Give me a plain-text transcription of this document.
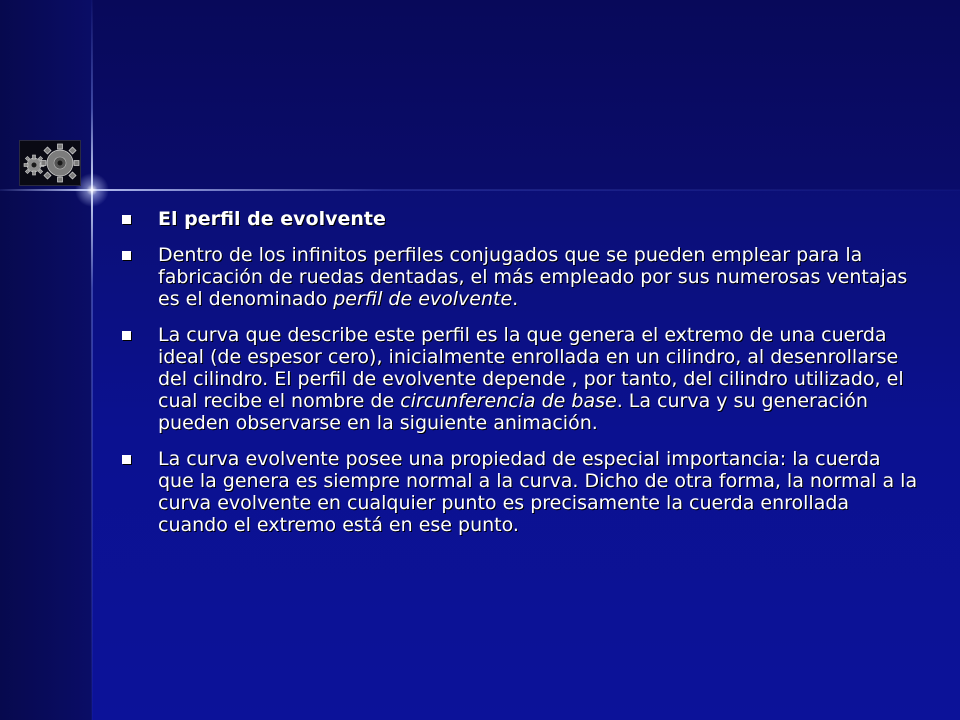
El perfil de evolvente
Dentro de los infinitos perfiles conjugados que se pueden emplear para la fabricación de ruedas dentadas, el más empleado por sus numerosas ventajas es el denominado perfil de evolvente.
La curva que describe este perfil es la que genera el extremo de una cuerda ideal (de espesor cero), inicialmente enrollada en un cilindro, al desenrollarse del cilindro. El perfil de evolvente depende , por tanto, del cilindro utilizado, el cual recibe el nombre de circunferencia de base. La curva y su generación pueden observarse en la siguiente animación.
La curva evolvente posee una propiedad de especial importancia: la cuerda que la genera es siempre normal a la curva. Dicho de otra forma, la normal a la curva evolvente en cualquier punto es precisamente la cuerda enrollada cuando el extremo está en ese punto.
